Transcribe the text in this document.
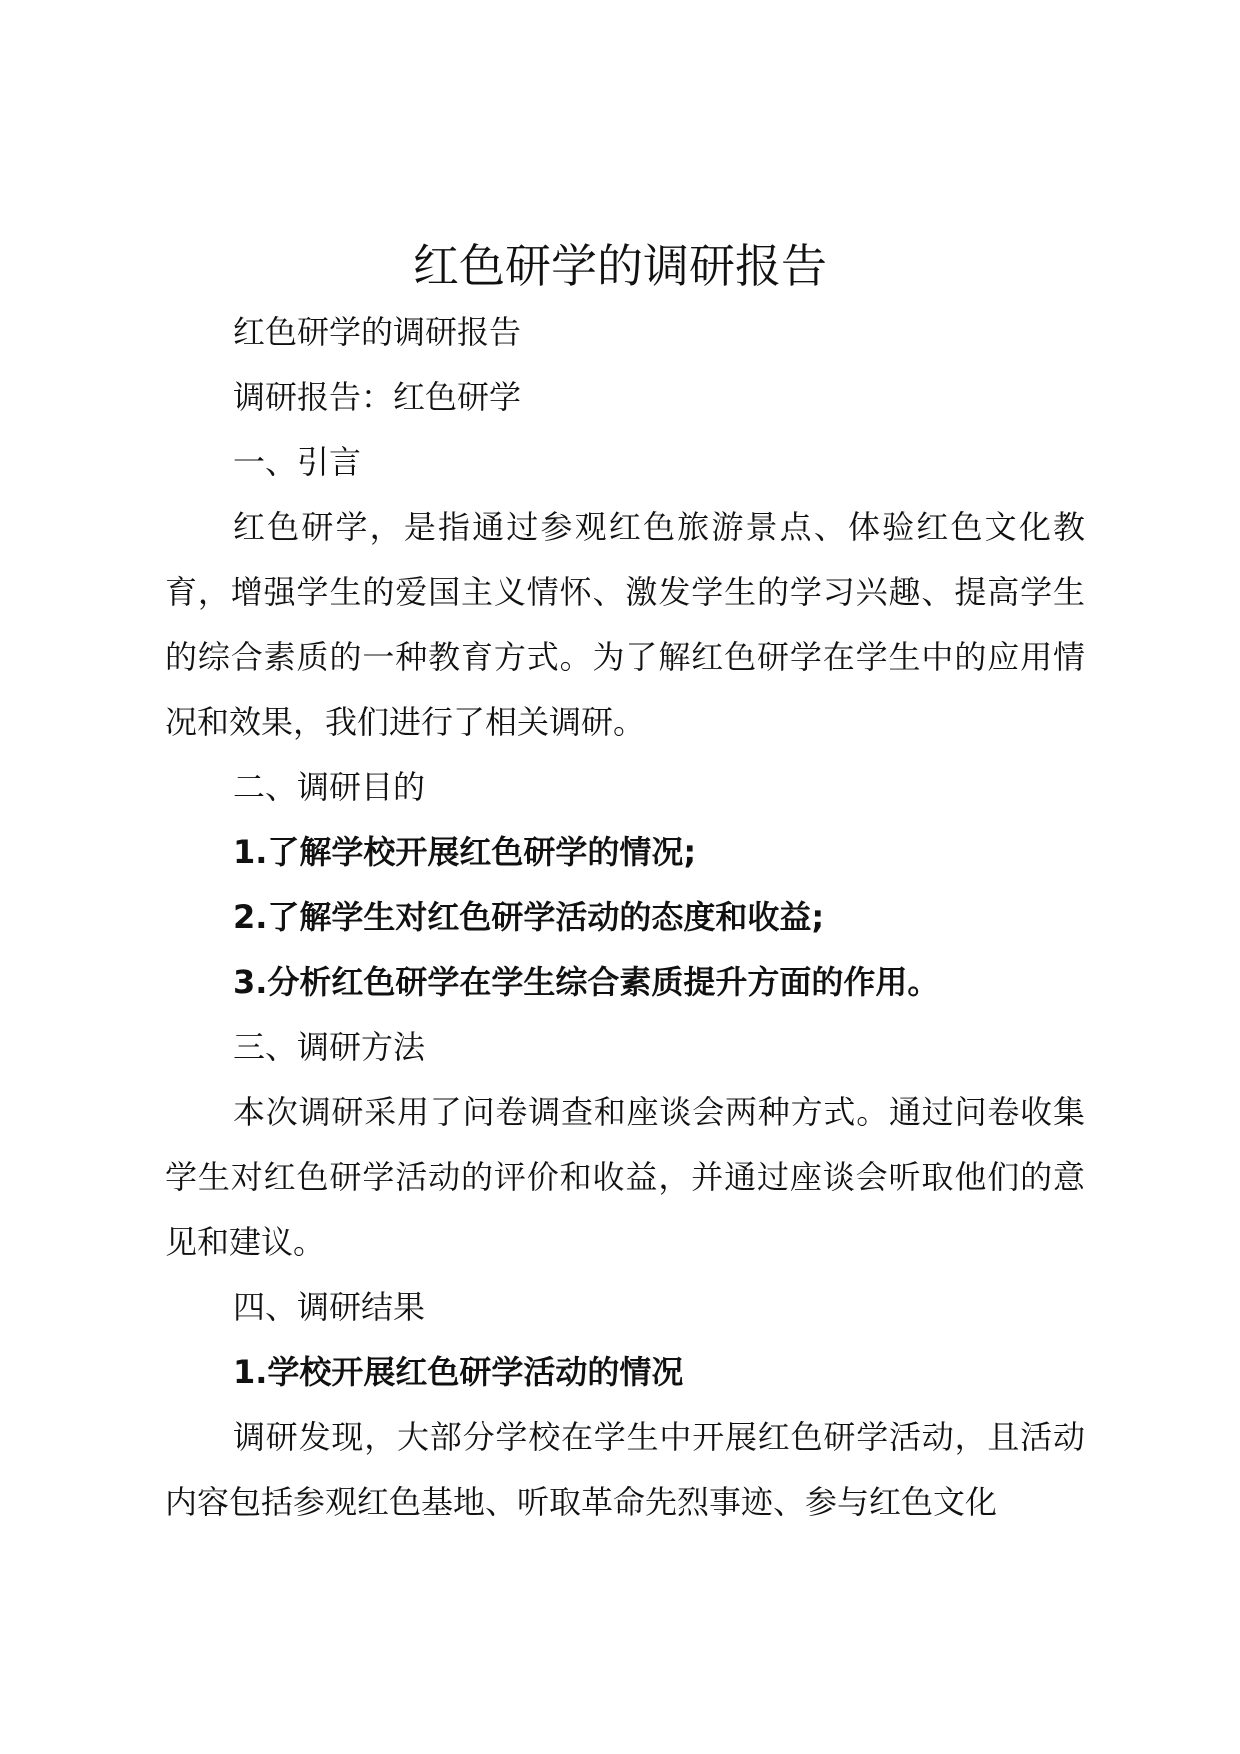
红色研学的调研报告

红色研学的调研报告

调研报告：红色研学

一、引言

红色研学，是指通过参观红色旅游景点、体验红色文化教育，增强学生的爱国主义情怀、激发学生的学习兴趣、提高学生的综合素质的一种教育方式。为了解红色研学在学生中的应用情况和效果，我们进行了相关调研。

二、调研目的

1.了解学校开展红色研学的情况;

2.了解学生对红色研学活动的态度和收益;

3.分析红色研学在学生综合素质提升方面的作用。

三、调研方法

本次调研采用了问卷调查和座谈会两种方式。通过问卷收集学生对红色研学活动的评价和收益，并通过座谈会听取他们的意见和建议。

四、调研结果

1.学校开展红色研学活动的情况

调研发现，大部分学校在学生中开展红色研学活动，且活动内容包括参观红色基地、听取革命先烈事迹、参与红色文化
